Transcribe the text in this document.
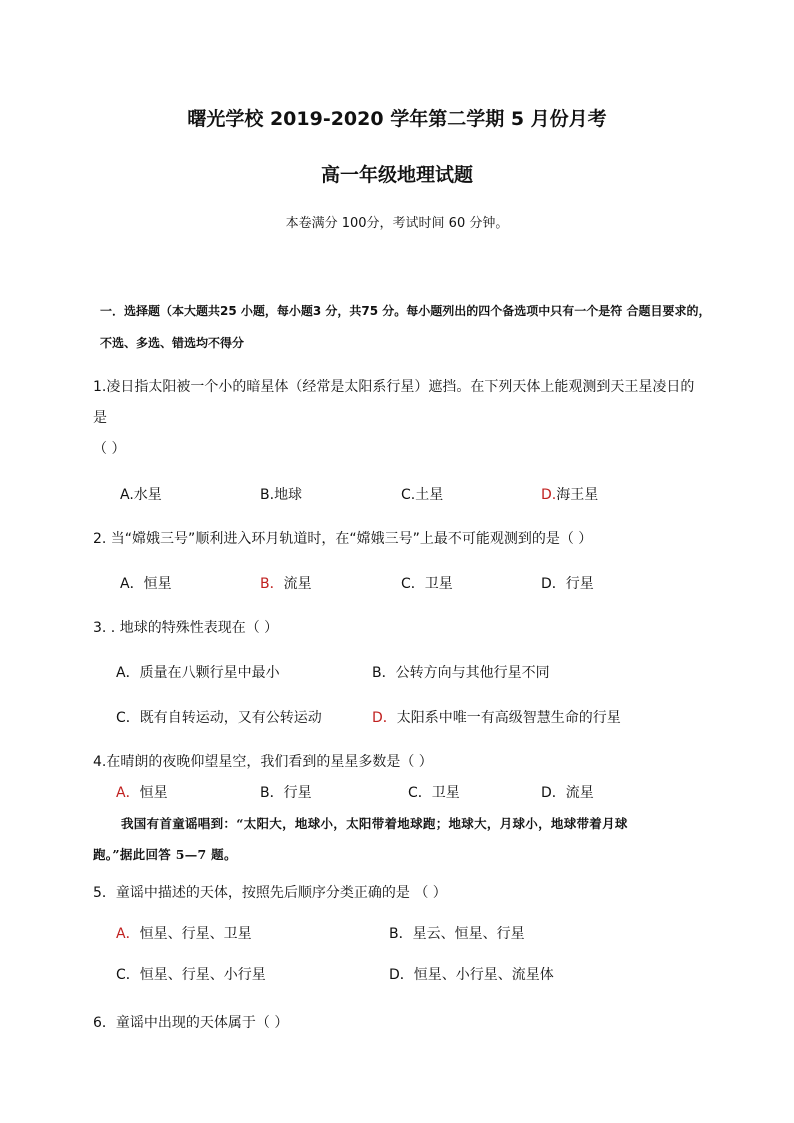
曙光学校 2019-2020 学年第二学期 5 月份月考
高一年级地理试题
本卷满分 100分，考试时间 60 分钟。
一．选择题（本大题共25 小题，每小题3 分，共75 分。每小题列出的四个备选项中只有一个是符 合题目要求的，
不选、多选、错选均不得分
1.凌日指太阳被一个小的暗星体（经常是太阳系行星）遮挡。在下列天体上能观测到天王星凌日的
是
（ ）
A.水星	B.地球	C.土星	D.海王星
2. 当“嫦娥三号”顺利进入环月轨道时，在“嫦娥三号”上最不可能观测到的是（ ）
A．恒星	B．流星	C．卫星	D．行星
3. . 地球的特殊性表现在（ ）
A．质量在八颗行星中最小	B．公转方向与其他行星不同
C．既有自转运动，又有公转运动	D．太阳系中唯一有高级智慧生命的行星
4.在晴朗的夜晚仰望星空，我们看到的星星多数是（ ）
A．恒星	B．行星	C．卫星	D．流星
我国有首童谣唱到：“太阳大，地球小，太阳带着地球跑；地球大，月球小，地球带着月球
跑。”据此回答 5—7 题。
5．童谣中描述的天体，按照先后顺序分类正确的是 （ ）
A．恒星、行星、卫星	B．星云、恒星、行星
C．恒星、行星、小行星	D．恒星、小行星、流星体
6．童谣中出现的天体属于（ ）
